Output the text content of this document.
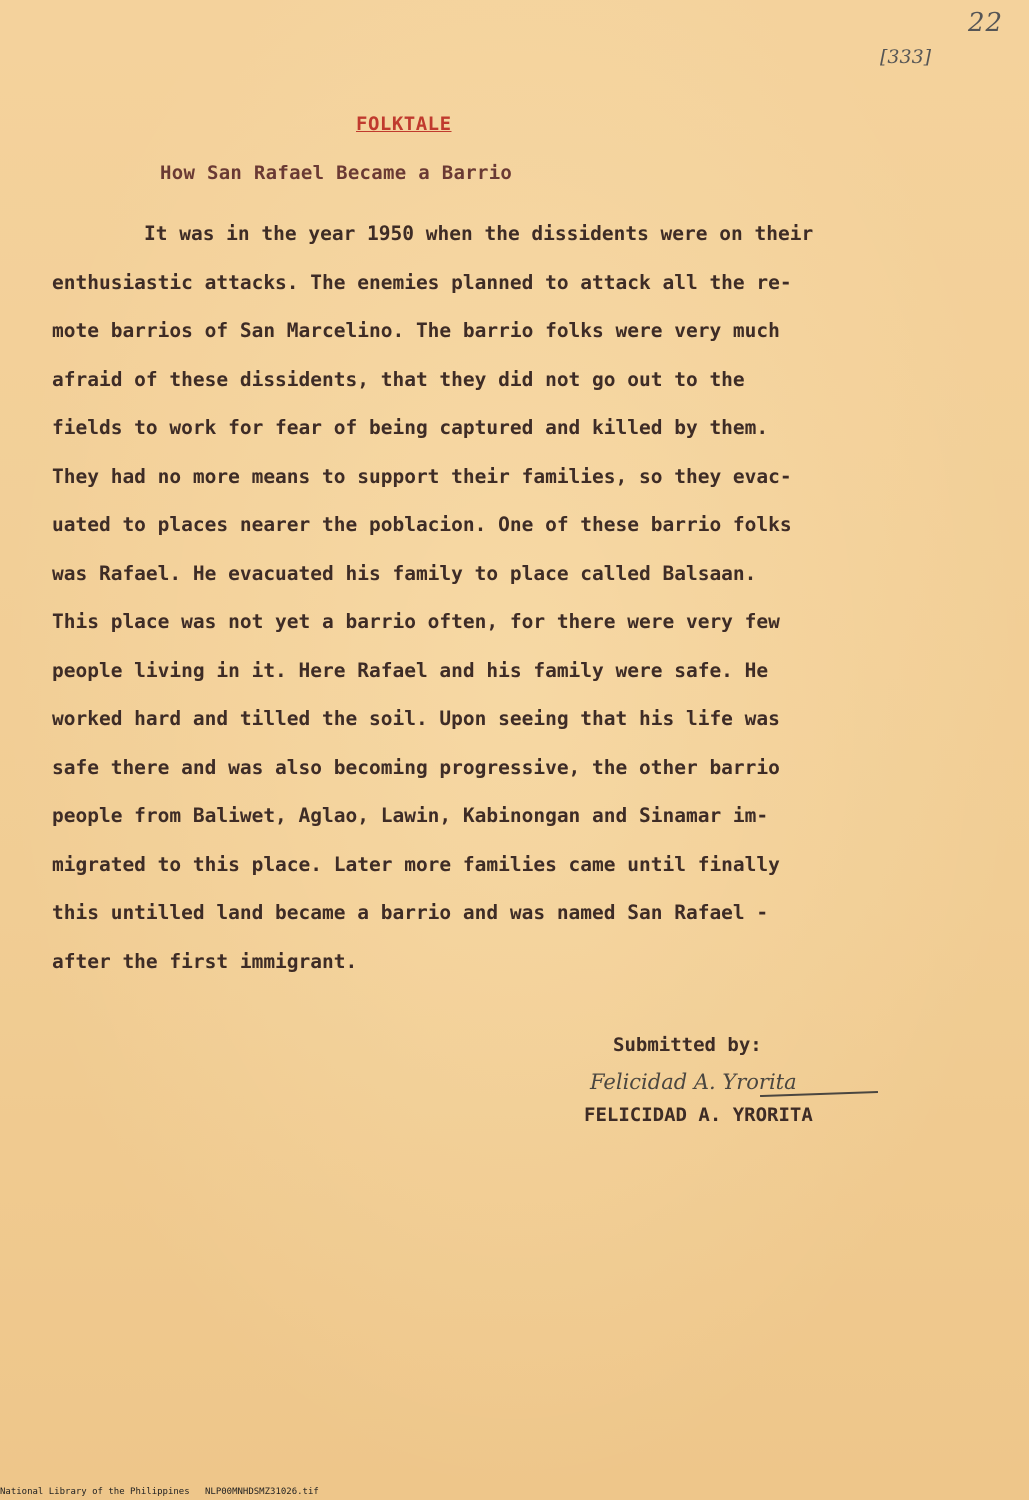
22
[333]
FOLKTALE
How San Rafael Became a Barrio
It was in the year 1950 when the dissidents were on their
enthusiastic attacks. The enemies planned to attack all the re-
mote barrios of San Marcelino. The barrio folks were very much
afraid of these dissidents, that they did not go out to the
fields to work for fear of being captured and killed by them.
They had no more means to support their families, so they evac-
uated to places nearer the poblacion. One of these barrio folks
was Rafael. He evacuated his family to place called Balsaan.
This place was not yet a barrio often, for there were very few
people living in it. Here Rafael and his family were safe. He
worked hard and tilled the soil. Upon seeing that his life was
safe there and was also becoming progressive, the other barrio
people from Baliwet, Aglao, Lawin, Kabinongan and Sinamar im-
migrated to this place. Later more families came until finally
this untilled land became a barrio and was named San Rafael -
after the first immigrant.
Submitted by:
Felicidad A. Yrorita
FELICIDAD A. YRORITA
National Library of the Philippines NLP00MNHDSMZ31026.tif
